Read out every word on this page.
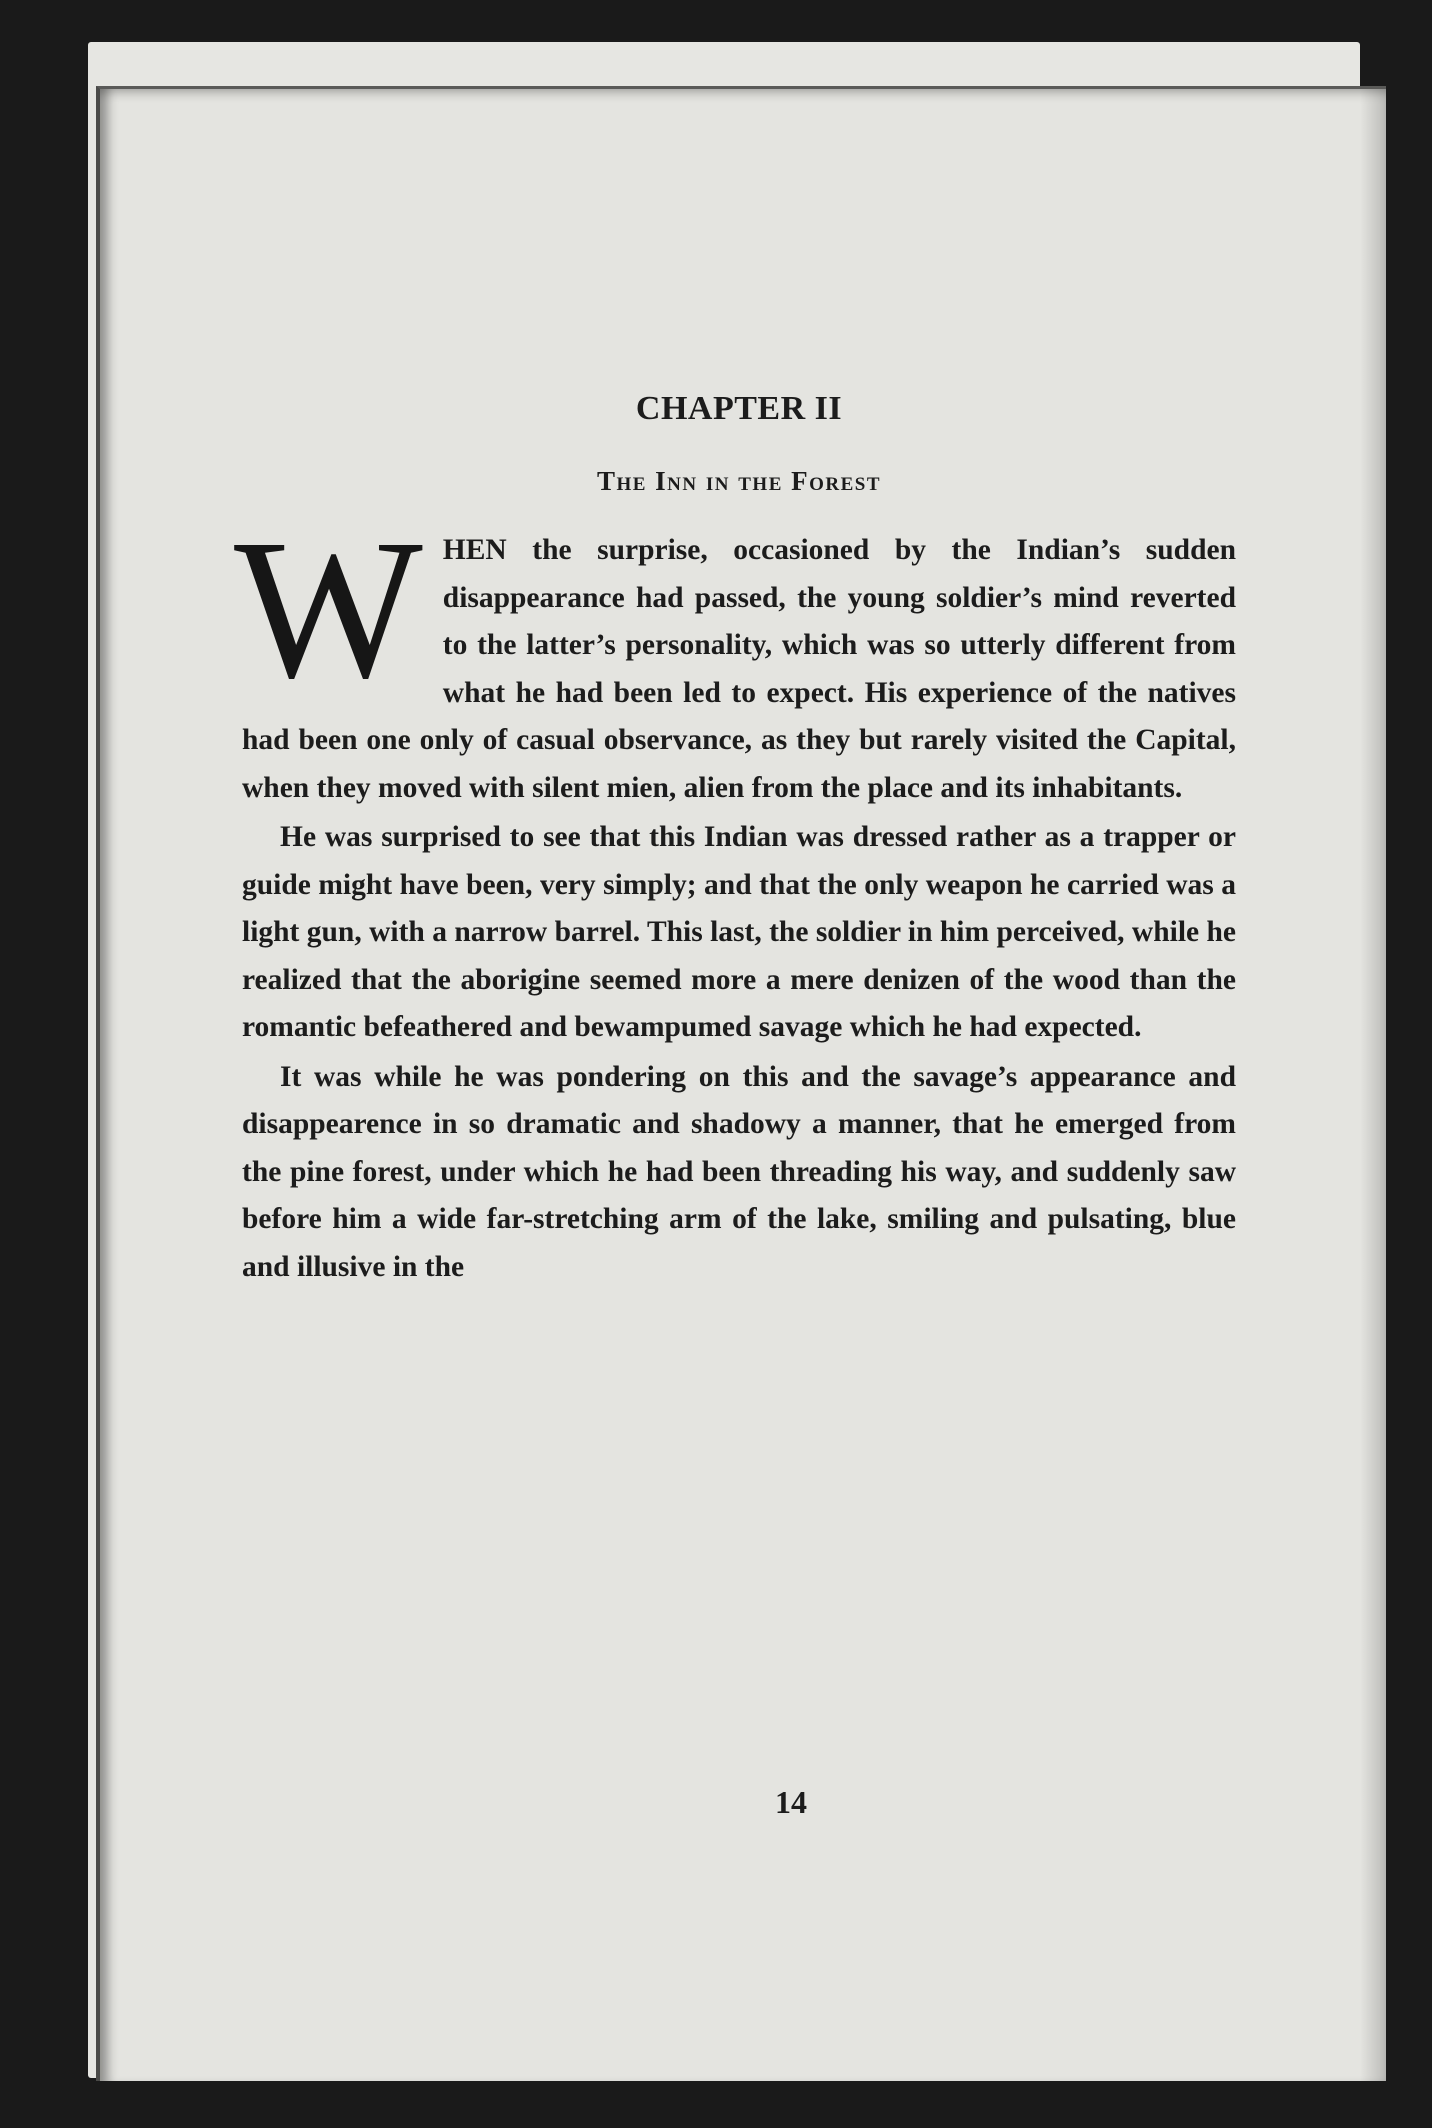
CHAPTER II
The Inn in the Forest

WHEN the surprise, occasioned by the Indian’s sudden disappearance had passed, the young soldier’s mind reverted to the latter’s personality, which was so utterly different from what he had been led to expect. His experience of the natives had been one only of casual observance, as they but rarely visited the Capital, when they moved with silent mien, alien from the place and its inhabitants.

He was surprised to see that this Indian was dressed rather as a trapper or guide might have been, very simply; and that the only weapon he carried was a light gun, with a narrow barrel. This last, the soldier in him perceived, while he realized that the aborigine seemed more a mere denizen of the wood than the romantic befeathered and bewampumed savage which he had expected.

It was while he was pondering on this and the savage’s appearance and disappearence in so dramatic and shadowy a manner, that he emerged from the pine forest, under which he had been threading his way, and suddenly saw before him a wide far-stretching arm of the lake, smiling and pulsating, blue and illusive in the

14
